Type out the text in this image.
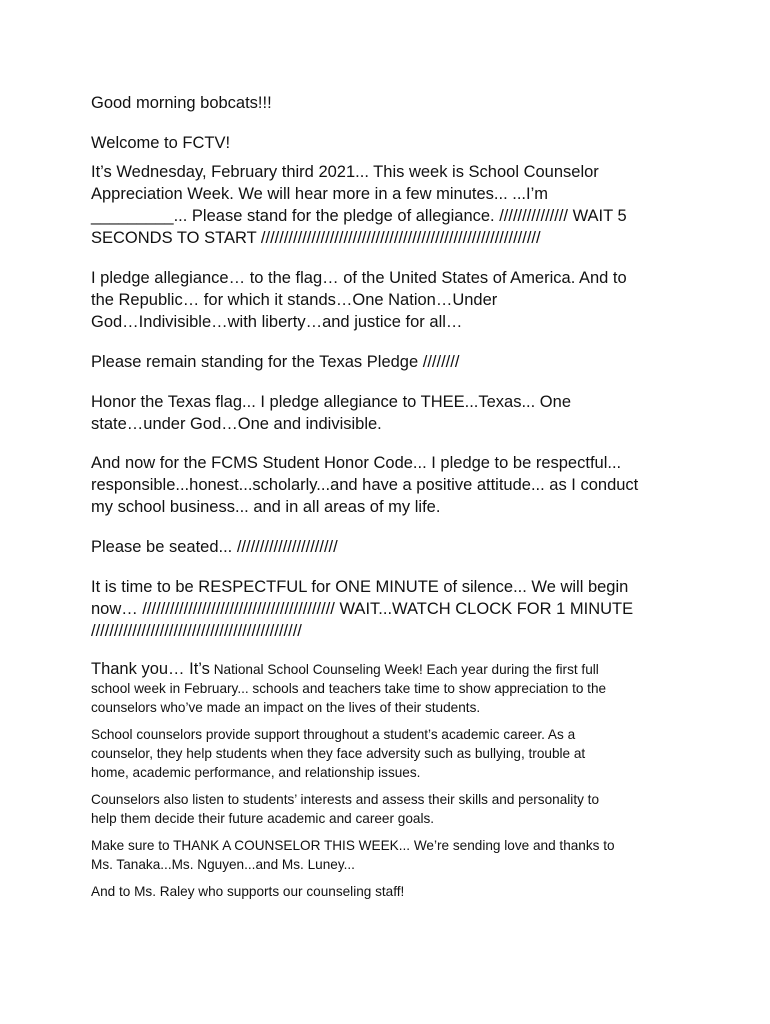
Good morning bobcats!!!

Welcome to FCTV!

It’s Wednesday, February third 2021... This week is School Counselor
Appreciation Week. We will hear more in a few minutes... ...I’m
_________... Please stand for the pledge of allegiance. /////////////// WAIT 5
SECONDS TO START /////////////////////////////////////////////////////////////

I pledge allegiance… to the flag… of the United States of America. And to
the Republic… for which it stands…One Nation…Under
God…Indivisible…with liberty…and justice for all…

Please remain standing for the Texas Pledge ////////

Honor the Texas flag... I pledge allegiance to THEE...Texas... One
state…under God…One and indivisible.

And now for the FCMS Student Honor Code... I pledge to be respectful...
responsible...honest...scholarly...and have a positive attitude... as I conduct
my school business... and in all areas of my life.

Please be seated... //////////////////////

It is time to be RESPECTFUL for ONE MINUTE of silence... We will begin
now… ////////////////////////////////////////// WAIT...WATCH CLOCK FOR 1 MINUTE
//////////////////////////////////////////////

Thank you… It’s National School Counseling Week! Each year during the first full
school week in February... schools and teachers take time to show appreciation to the
counselors who’ve made an impact on the lives of their students.

School counselors provide support throughout a student’s academic career. As a
counselor, they help students when they face adversity such as bullying, trouble at
home, academic performance, and relationship issues.

Counselors also listen to students’ interests and assess their skills and personality to
help them decide their future academic and career goals.

Make sure to THANK A COUNSELOR THIS WEEK... We’re sending love and thanks to
Ms. Tanaka...Ms. Nguyen...and Ms. Luney...

And to Ms. Raley who supports our counseling staff!
